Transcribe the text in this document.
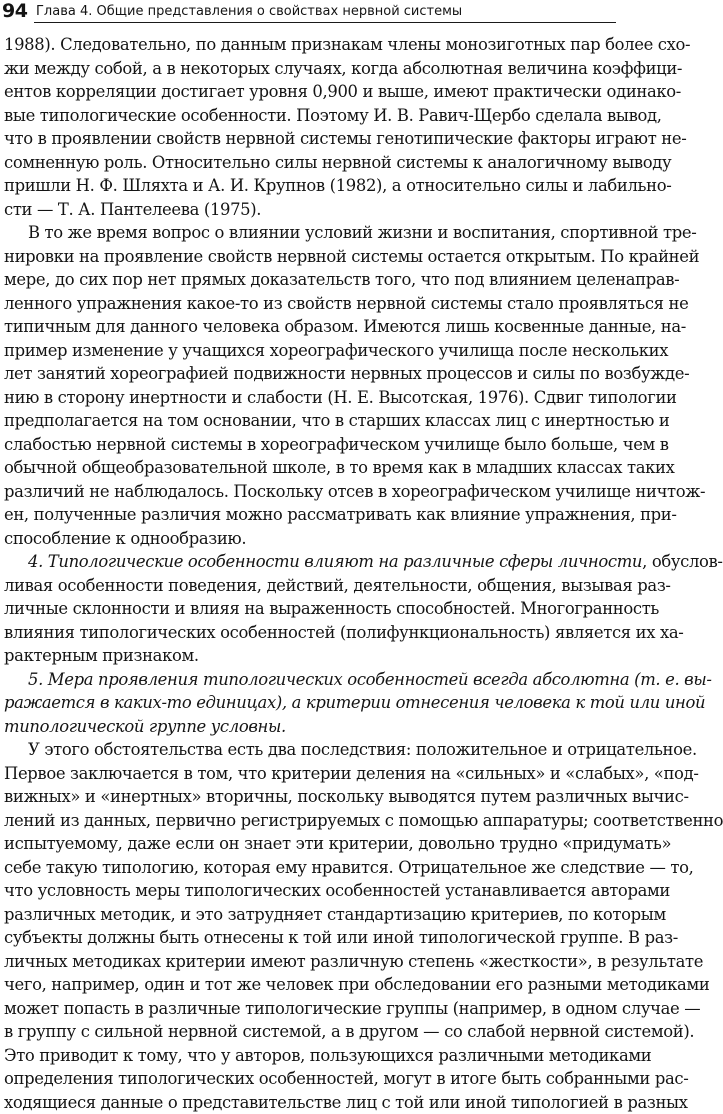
94 Глава 4. Общие представления о свойствах нервной системы
1988). Следовательно, по данным признакам члены монозиготных пар более схо-
жи между собой, а в некоторых случаях, когда абсолютная величина коэффици-
ентов корреляции достигает уровня 0,900 и выше, имеют практически одинако-
вые типологические особенности. Поэтому И. В. Равич-Щербо сделала вывод,
что в проявлении свойств нервной системы генотипические факторы играют не-
сомненную роль. Относительно силы нервной системы к аналогичному выводу
пришли Н. Ф. Шляхта и А. И. Крупнов (1982), а относительно силы и лабильно-
сти — Т. А. Пантелеева (1975).
В то же время вопрос о влиянии условий жизни и воспитания, спортивной тре-
нировки на проявление свойств нервной системы остается открытым. По крайней
мере, до сих пор нет прямых доказательств того, что под влиянием целенаправ-
ленного упражнения какое-то из свойств нервной системы стало проявляться не
типичным для данного человека образом. Имеются лишь косвенные данные, на-
пример изменение у учащихся хореографического училища после нескольких
лет занятий хореографией подвижности нервных процессов и силы по возбужде-
нию в сторону инертности и слабости (Н. Е. Высотская, 1976). Сдвиг типологии
предполагается на том основании, что в старших классах лиц с инертностью и
слабостью нервной системы в хореографическом училище было больше, чем в
обычной общеобразовательной школе, в то время как в младших классах таких
различий не наблюдалось. Поскольку отсев в хореографическом училище ничтож-
ен, полученные различия можно рассматривать как влияние упражнения, при-
способление к однообразию.
4. Типологические особенности влияют на различные сферы личности, обуслов-
ливая особенности поведения, действий, деятельности, общения, вызывая раз-
личные склонности и влияя на выраженность способностей. Многогранность
влияния типологических особенностей (полифункциональность) является их ха-
рактерным признаком.
5. Мера проявления типологических особенностей всегда абсолютна (т. е. вы-
ражается в каких-то единицах), а критерии отнесения человека к той или иной
типологической группе условны.
У этого обстоятельства есть два последствия: положительное и отрицательное.
Первое заключается в том, что критерии деления на «сильных» и «слабых», «под-
вижных» и «инертных» вторичны, поскольку выводятся путем различных вычис-
лений из данных, первично регистрируемых с помощью аппаратуры; соответственно
испытуемому, даже если он знает эти критерии, довольно трудно «придумать»
себе такую типологию, которая ему нравится. Отрицательное же следствие — то,
что условность меры типологических особенностей устанавливается авторами
различных методик, и это затрудняет стандартизацию критериев, по которым
субъекты должны быть отнесены к той или иной типологической группе. В раз-
личных методиках критерии имеют различную степень «жесткости», в результате
чего, например, один и тот же человек при обследовании его разными методиками
может попасть в различные типологические группы (например, в одном случае —
в группу с сильной нервной системой, а в другом — со слабой нервной системой).
Это приводит к тому, что у авторов, пользующихся различными методиками
определения типологических особенностей, могут в итоге быть собранными рас-
ходящиеся данные о представительстве лиц с той или иной типологией в разных
